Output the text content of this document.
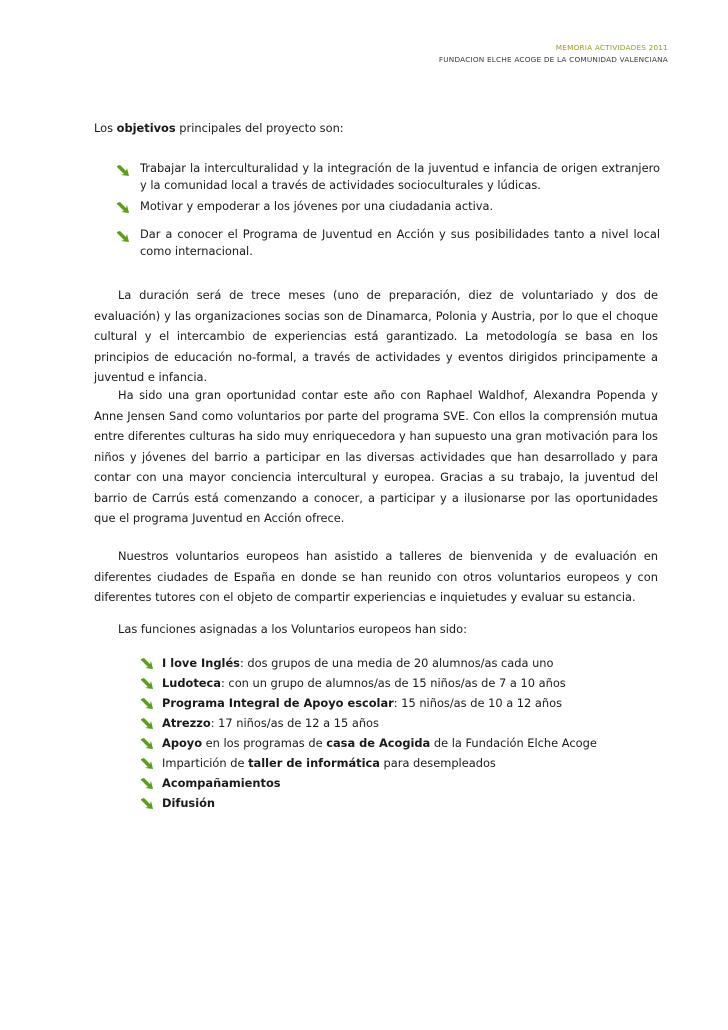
MEMORIA ACTIVIDADES 2011
FUNDACION ELCHE ACOGE DE LA COMUNIDAD VALENCIANA
Los objetivos principales del proyecto son:
Trabajar la interculturalidad y la integración de la juventud e infancia de origen extranjero y la comunidad local a través de actividades socioculturales y lúdicas.
Motivar y empoderar a los jóvenes por una ciudadania activa.
Dar a conocer el Programa de Juventud en Acción y sus posibilidades tanto a nivel local como internacional.
La duración será de trece meses (uno de preparación, diez de voluntariado y dos de evaluación) y las organizaciones socias son de Dinamarca, Polonia y Austria, por lo que el choque cultural y el intercambio de experiencias está garantizado. La metodología se basa en los principios de educación no-formal, a través de actividades y eventos dirigidos principamente a juventud e infancia.
Ha sido una gran oportunidad contar este año con Raphael Waldhof, Alexandra Popenda y Anne Jensen Sand como voluntarios por parte del programa SVE. Con ellos la comprensión mutua entre diferentes culturas ha sido muy enriquecedora y han supuesto una gran motivación para los niños y jóvenes del barrio a participar en las diversas actividades que han desarrollado y para contar con una mayor conciencia intercultural y europea. Gracias a su trabajo, la juventud del barrio de Carrús está comenzando a conocer, a participar y a ilusionarse por las oportunidades que el programa Juventud en Acción ofrece.
Nuestros voluntarios europeos han asistido a talleres de bienvenida y de evaluación en diferentes ciudades de España en donde se han reunido con otros voluntarios europeos y con diferentes tutores con el objeto de compartir experiencias e inquietudes y evaluar su estancia.
Las funciones asignadas a los Voluntarios europeos han sido:
I love Inglés: dos grupos de una media de 20 alumnos/as cada uno
Ludoteca: con un grupo de alumnos/as de 15 niños/as de 7 a 10 años
Programa Integral de Apoyo escolar: 15 niños/as de 10 a 12 años
Atrezzo: 17 niños/as de 12 a 15 años
Apoyo en los programas de casa de Acogida de la Fundación Elche Acoge
Impartición de taller de informática para desempleados
Acompañamientos
Difusión
